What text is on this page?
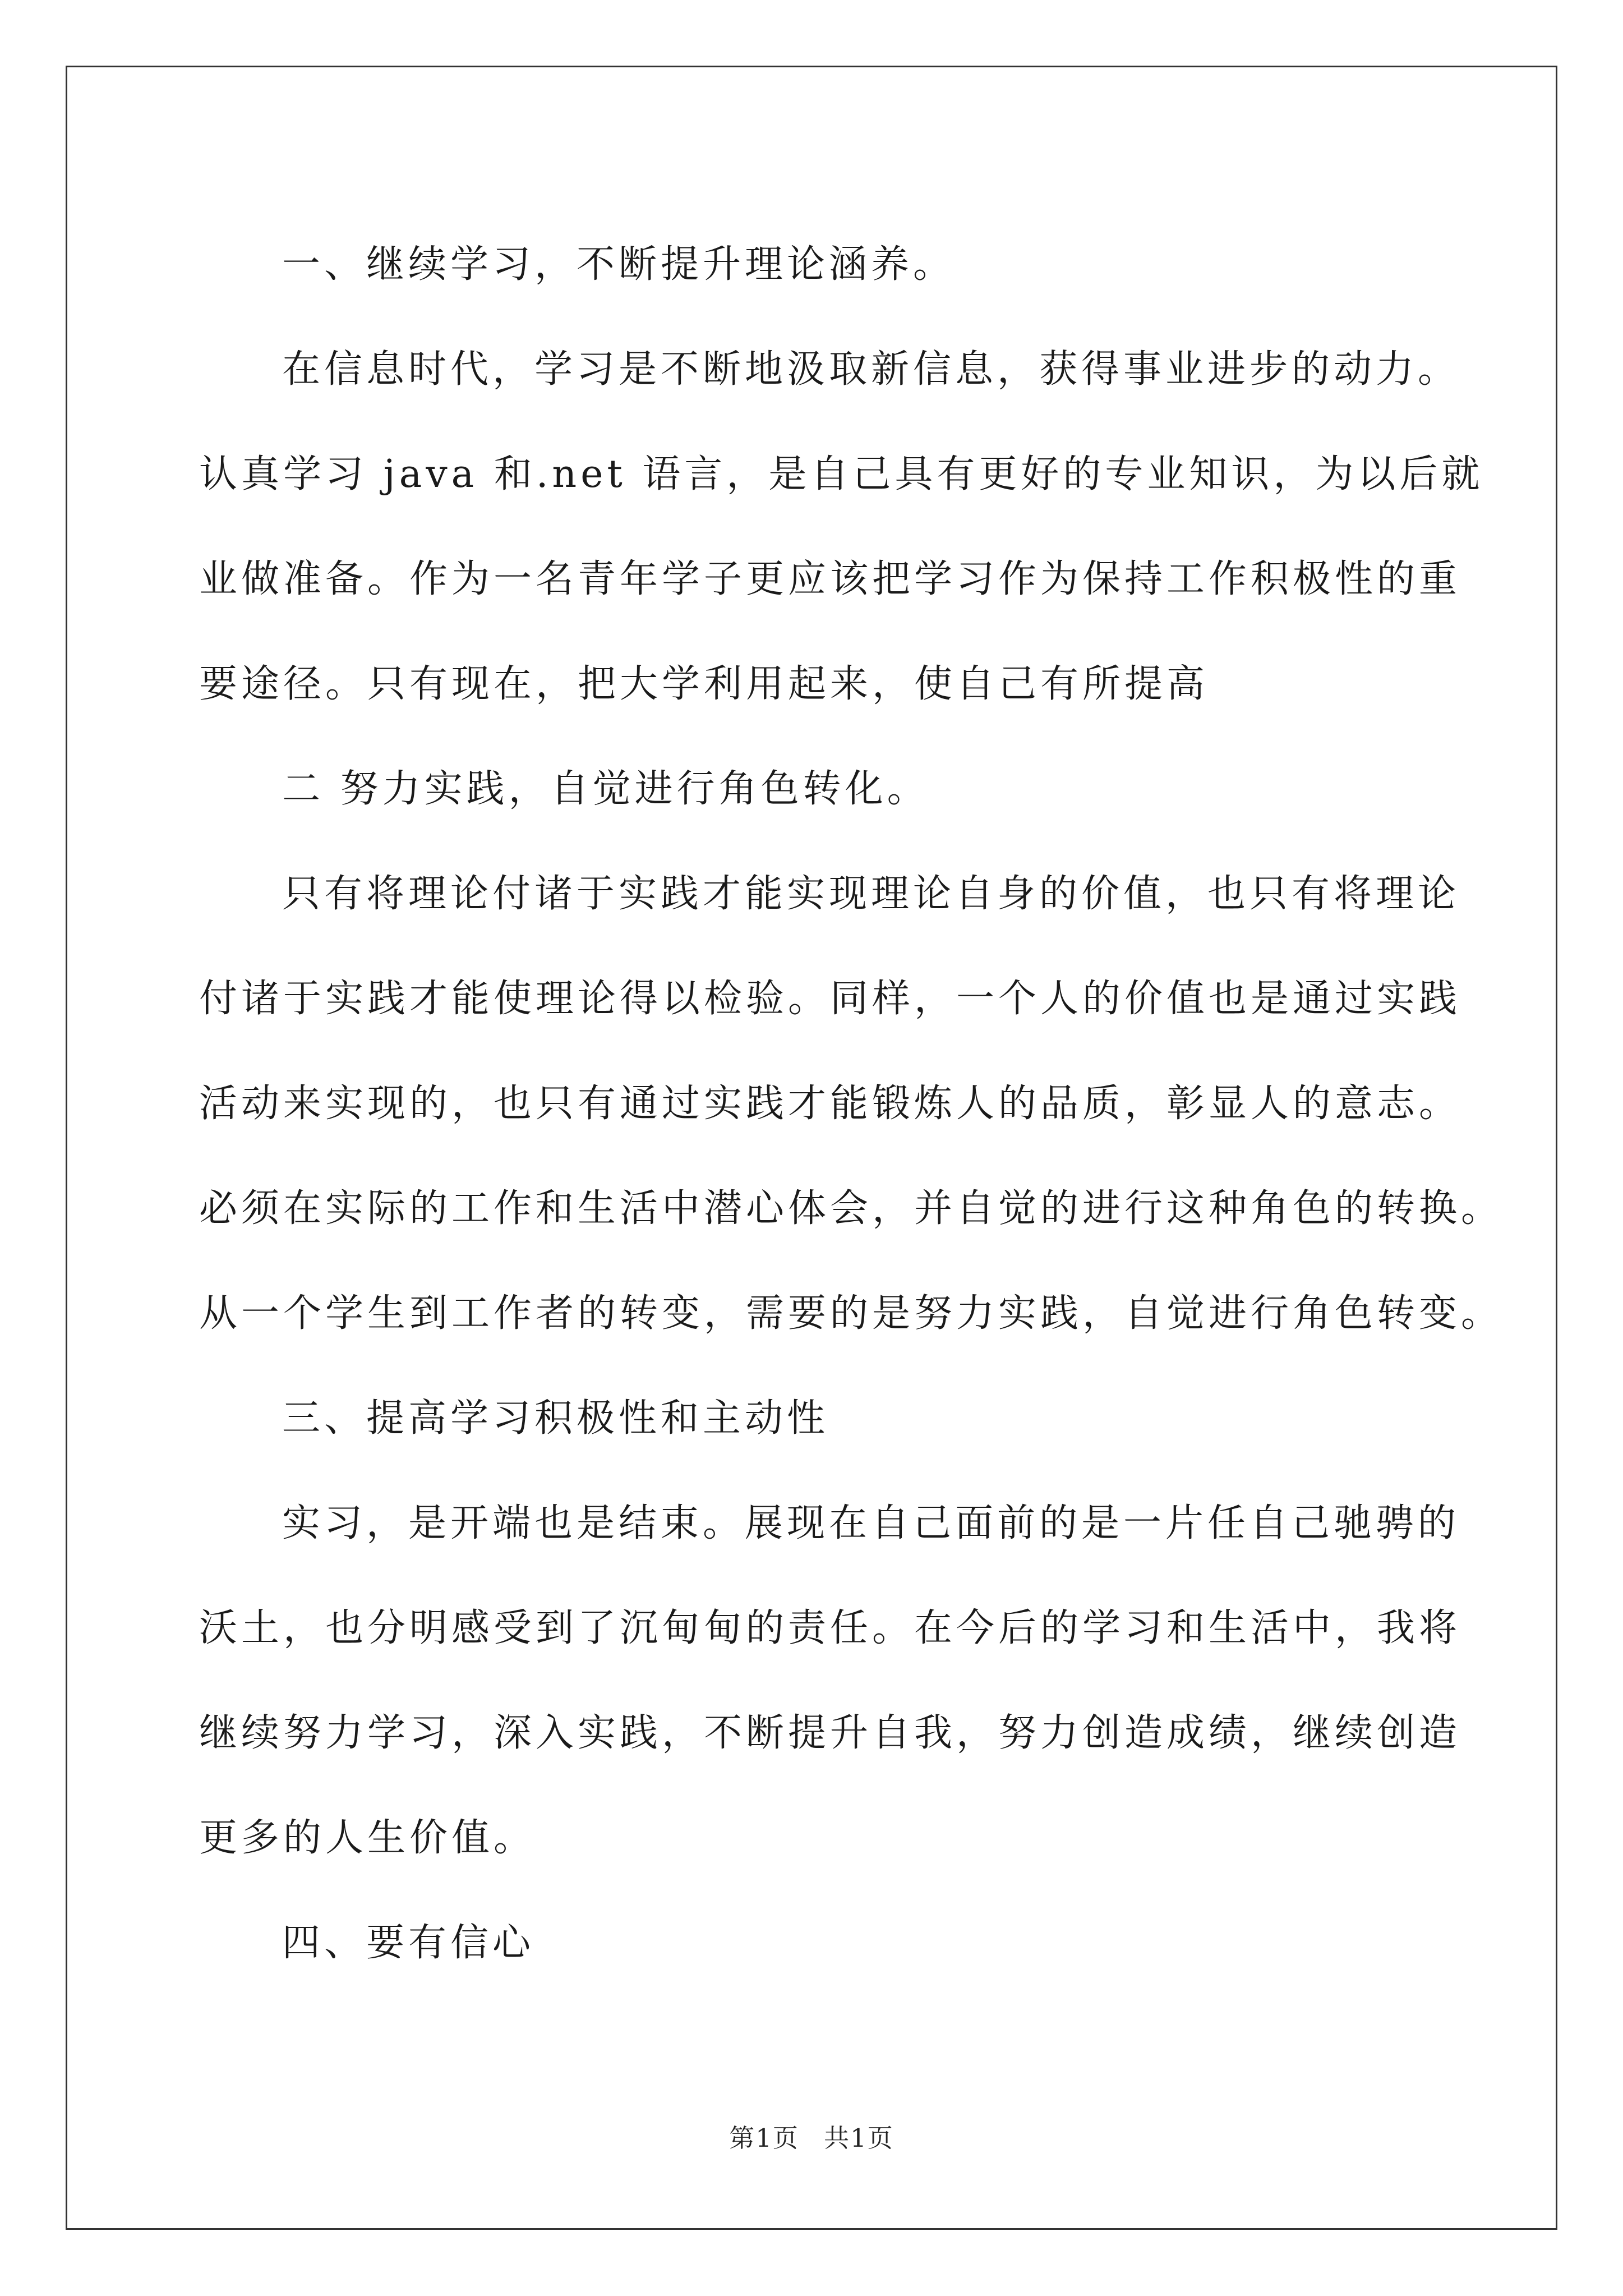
一、继续学习，不断提升理论涵养。
在信息时代，学习是不断地汲取新信息，获得事业进步的动力。
认真学习 java 和.net 语言，是自己具有更好的专业知识，为以后就
业做准备。作为一名青年学子更应该把学习作为保持工作积极性的重
要途径。只有现在，把大学利用起来，使自己有所提高
二 努力实践，自觉进行角色转化。
只有将理论付诸于实践才能实现理论自身的价值，也只有将理论
付诸于实践才能使理论得以检验。同样，一个人的价值也是通过实践
活动来实现的，也只有通过实践才能锻炼人的品质，彰显人的意志。
必须在实际的工作和生活中潜心体会，并自觉的进行这种角色的转换。
从一个学生到工作者的转变，需要的是努力实践，自觉进行角色转变。
三、提高学习积极性和主动性
实习，是开端也是结束。展现在自己面前的是一片任自己驰骋的
沃土，也分明感受到了沉甸甸的责任。在今后的学习和生活中，我将
继续努力学习，深入实践，不断提升自我，努力创造成绩，继续创造
更多的人生价值。
四、要有信心
第1页 共1页
